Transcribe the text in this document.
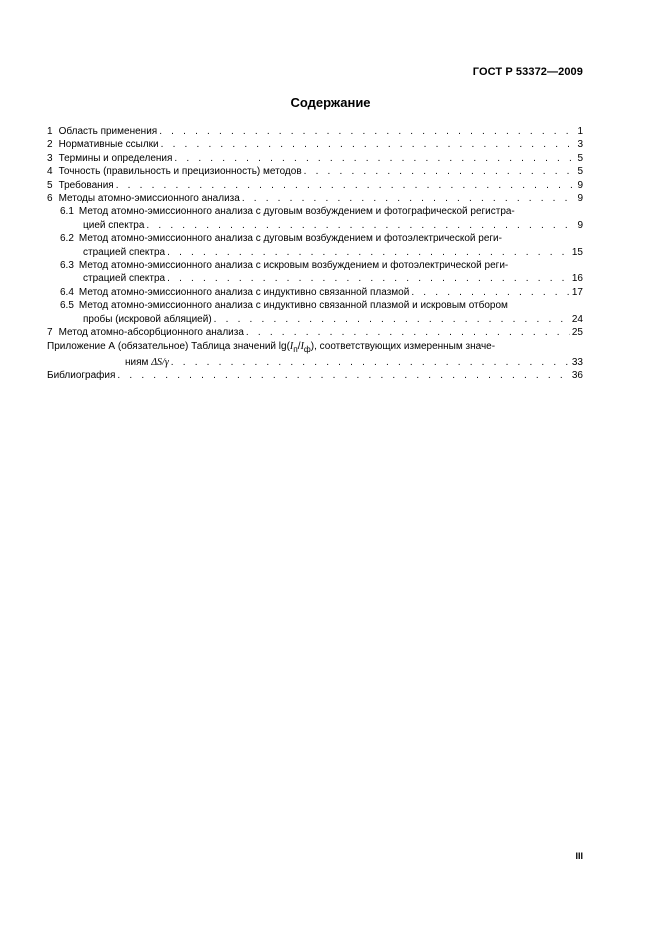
ГОСТ Р 53372—2009
Содержание
1 Область применения . . .	1
2 Нормативные ссылки . . .	3
3 Термины и определения . . .	5
4 Точность (правильность и прецизионность) методов . . .	5
5 Требования . . .	9
6 Методы атомно-эмиссионного анализа . . .	9
6.1 Метод атомно-эмиссионного анализа с дуговым возбуждением и фотографической регистра-
цией спектра . . .	9
6.2 Метод атомно-эмиссионного анализа с дуговым возбуждением и фотоэлектрической реги-
страцией спектра . . .	15
6.3 Метод атомно-эмиссионного анализа с искровым возбуждением и фотоэлектрической реги-
страцией спектра . . .	16
6.4 Метод атомно-эмиссионного анализа с индуктивно связанной плазмой . . .	17
6.5 Метод атомно-эмиссионного анализа с индуктивно связанной плазмой и искровым отбором
пробы (искровой абляцией) . . .	24
7 Метод атомно-абсорбционного анализа . . .	25
Приложение А (обязательное) Таблица значений $\lg(I_п/I_ф)$, соответствующих измеренным значе-
ниям ΔS/γ . . .	33
Библиография . . .	36
III
